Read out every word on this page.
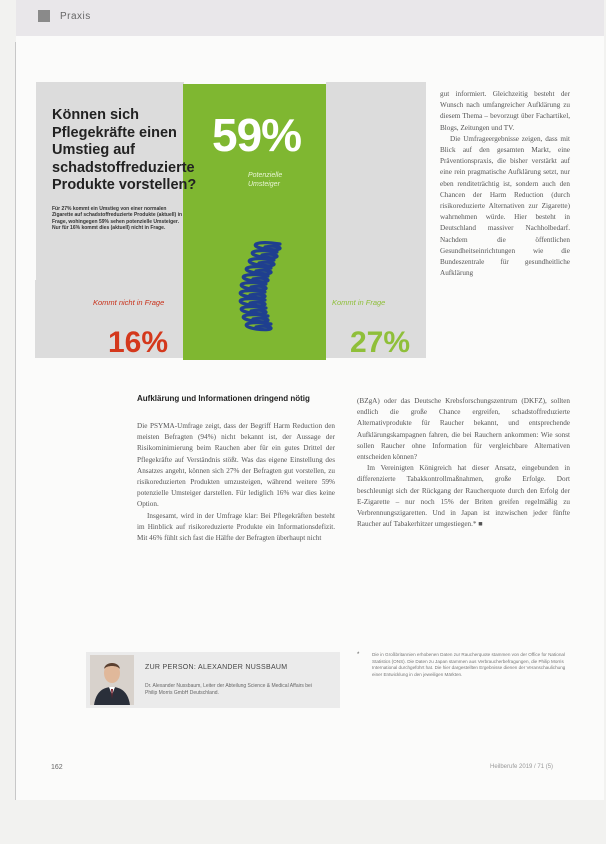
Praxis
Können sich Pflegekräfte einen Umstieg auf schadstoffreduzierte Produkte vorstellen?
Für 27% kommt ein Umstieg von einer normalen Zigarette auf schadstoffreduzierte Produkte (aktuell) in Frage, wohingegen 59% sehen potenzielle Umsteiger. Nur für 16% kommt dies (aktuell) nicht in Frage.
59%
Potenzielle Umsteiger
Kommt nicht in Frage
16%
Kommt in Frage
27%

gut informiert. Gleichzeitig besteht der Wunsch nach umfangreicher Aufklärung zu diesem Thema – bevorzugt über Fachartikel, Blogs, Zeitungen und TV.

Die Umfrageergebnisse zeigen, dass mit Blick auf den gesamten Markt, eine Präventionspraxis, die bisher verstärkt auf eine rein pragmatische Aufklärung setzt, nur eben renditeträchtig ist, sondern auch den Chancen der Harm Reduction (durch risikoreduzierte Alternativen zur Zigarette) wahrnehmen würde. Hier besteht in Deutschland massiver Nachholbedarf. Nachdem die öffentlichen Gesundheitseinrichtungen wie die Bundeszentrale für gesundheitliche Aufklärung

Aufklärung und Informationen dringend nötig

Die PSYMA-Umfrage zeigt, dass der Begriff Harm Reduction den meisten Befragten (94%) nicht bekannt ist, der Aussage der Risikominimierung beim Rauchen aber für ein gutes Drittel der Pflegekräfte auf Verständnis stößt. Was das eigene Einstellung des Ansatzes angeht, können sich 27% der Befragten gut vorstellen, zu risikoreduzierten Produkten umzusteigen, während weitere 59% potenzielle Umsteiger darstellen. Für lediglich 16% war dies keine Option.

Insgesamt, wird in der Umfrage klar: Bei Pflegekräften besteht im Hinblick auf risikoreduzierte Produkte ein Informationsdefizit. Mit 46% fühlt sich fast die Hälfte der Befragten überhaupt nicht

(BZgA) oder das Deutsche Krebsforschungszentrum (DKFZ), sollten endlich die große Chance ergreifen, schadstoffreduzierte Alternativprodukte für Raucher bekannt, und entsprechende Aufklärungskampagnen fahren, die bei Rauchern ankommen: Wie sonst sollen Raucher ohne Information für vergleichbare Alternativen entscheiden können?

Im Vereinigten Königreich hat dieser Ansatz, eingebunden in differenzierte Tabakkontrollmaßnahmen, große Erfolge. Dort beschleunigt sich der Rückgang der Raucherquote durch den Erfolg der E-Zigarette – nur noch 15% der Briten greifen regelmäßig zu Verbrennungszigaretten. Und in Japan ist inzwischen jeder fünfte Raucher auf Tabakerhitzer umgestiegen.* ■

ZUR PERSON: ALEXANDER NUSSBAUM
Dr. Alexander Nussbaum, Leiter der Abteilung Science & Medical Affairs bei Philip Morris GmbH Deutschland.
*	Die in Großbritannien erhobenen Daten zur Raucherquote stammen von der Office for National Statistics (ONS). Die Daten zu Japan stammen aus Verbraucherbefragungen, die Philip Morris International durchgeführt hat. Die hier dargestellten Ergebnisse dienen der Veranschaulichung einer Entwicklung in den jeweiligen Märkten.
162	Heilberufe 2019 / 71 (5)
